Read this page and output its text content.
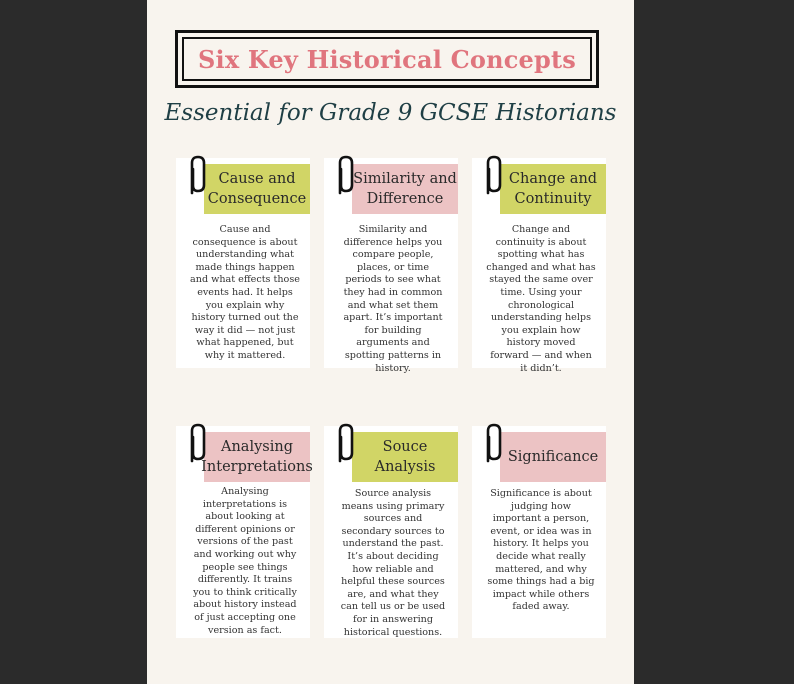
Six Key Historical Concepts
Essential for Grade 9 GCSE Historians
Cause and
Consequence
Cause and consequence is about understanding what made things happen and what effects those events had. It helps you explain why history turned out the way it did — not just what happened, but why it mattered.
Similarity and
Difference
Similarity and difference helps you compare people, places, or time periods to see what they had in common and what set them apart. It’s important for building arguments and spotting patterns in history.
Change and
Continuity
Change and continuity is about spotting what has changed and what has stayed the same over time. Using your chronological understanding helps you explain how history moved forward — and when it didn’t.
Analysing
Interpretations
Analysing interpretations is about looking at different opinions or versions of the past and working out why people see things differently. It trains you to think critically about history instead of just accepting one version as fact.
Souce
Analysis
Source analysis means using primary sources and secondary sources to understand the past. It’s about deciding how reliable and helpful these sources are, and what they can tell us or be used for in answering historical questions.
Significance
Significance is about judging how important a person, event, or idea was in history. It helps you decide what really mattered, and why some things had a big impact while others faded away.
